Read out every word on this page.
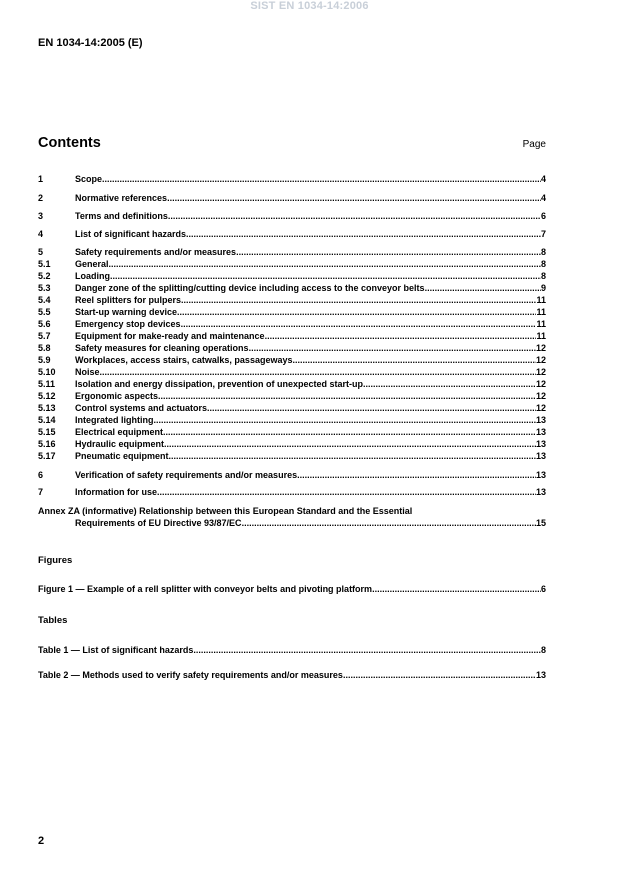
SIST EN 1034-14:2006
EN 1034-14:2005 (E)
Contents	Page
1	Scope .....	4
2	Normative references .....	4
3	Terms and definitions .....	6
4	List of significant hazards .....	7
5	Safety requirements and/or measures .....	8
5.1	General .....	8
5.2	Loading .....	8
5.3	Danger zone of the splitting/cutting device including access to the conveyor belts .....	9
5.4	Reel splitters for pulpers .....	11
5.5	Start-up warning device .....	11
5.6	Emergency stop devices .....	11
5.7	Equipment for make-ready and maintenance .....	11
5.8	Safety measures for cleaning operations .....	12
5.9	Workplaces, access stairs, catwalks, passageways .....	12
5.10	Noise .....	12
5.11	Isolation and energy dissipation, prevention of unexpected start-up .....	12
5.12	Ergonomic aspects .....	12
5.13	Control systems and actuators .....	12
5.14	Integrated lighting .....	13
5.15	Electrical equipment .....	13
5.16	Hydraulic equipment .....	13
5.17	Pneumatic equipment .....	13
6	Verification of safety requirements and/or measures .....	13
7	Information for use .....	13
Annex ZA (informative) Relationship between this European Standard and the Essential
Requirements of EU Directive 93/87/EC .....	15
Figures
Figure 1 — Example of a rell splitter with conveyor belts and pivoting platform .....	6
Tables
Table 1 — List of significant hazards .....	8
Table 2 — Methods used to verify safety requirements and/or measures .....	13
2
